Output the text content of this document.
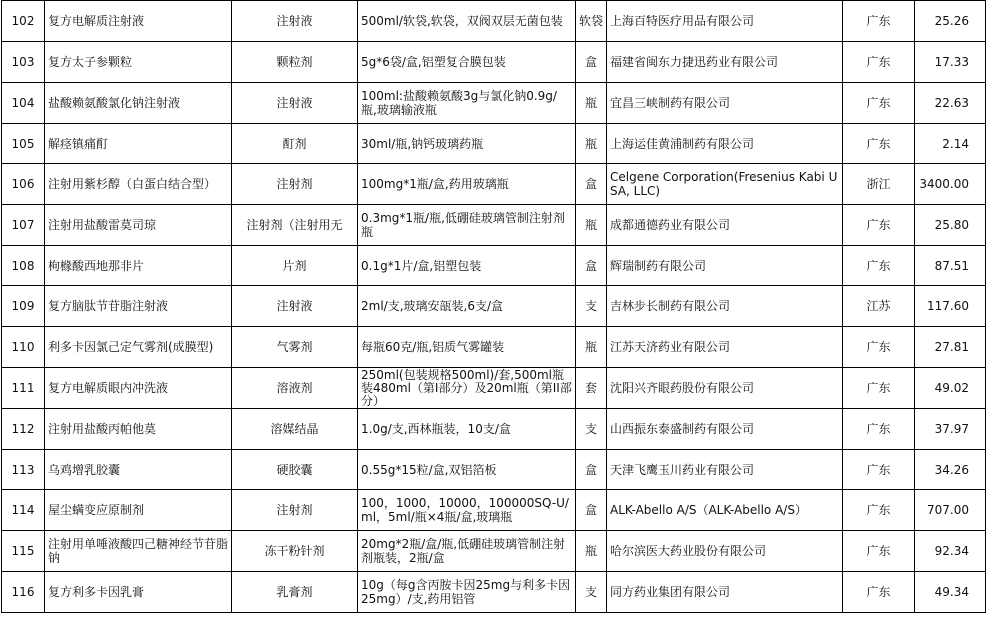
102	复方电解质注射液	注射液	500ml/软袋,软袋，双阀双层无菌包装	软袋	上海百特医疗用品有限公司	广东	25.26
103	复方太子参颗粒	颗粒剂	5g*6袋/盒,铝塑复合膜包装	盒	福建省闽东力捷迅药业有限公司	广东	17.33
104	盐酸赖氨酸氯化钠注射液	注射液	100ml:盐酸赖氨酸3g与氯化钠0.9g/瓶,玻璃输液瓶	瓶	宜昌三峡制药有限公司	广东	22.63
105	解痉镇痛酊	酊剂	30ml/瓶,钠钙玻璃药瓶	瓶	上海运佳黄浦制药有限公司	广东	2.14
106	注射用紫杉醇（白蛋白结合型）	注射剂	100mg*1瓶/盒,药用玻璃瓶	盒	Celgene Corporation(Fresenius Kabi USA, LLC)	浙江	3400.00
107	注射用盐酸雷莫司琼	注射剂（注射用无	0.3mg*1瓶/瓶,低硼硅玻璃管制注射剂瓶	瓶	成都通德药业有限公司	广东	25.80
108	枸橼酸西地那非片	片剂	0.1g*1片/盒,铝塑包装	盒	辉瑞制药有限公司	广东	87.51
109	复方脑肽节苷脂注射液	注射液	2ml/支,玻璃安瓿装,6支/盒	支	吉林步长制药有限公司	江苏	117.60
110	利多卡因氯己定气雾剂(成膜型)	气雾剂	每瓶60克/瓶,铝质气雾罐装	瓶	江苏天济药业有限公司	广东	27.81
111	复方电解质眼内冲洗液	溶液剂	250ml(包装规格500ml)/套,500ml瓶装480ml（第I部分）及20ml瓶（第II部分）	套	沈阳兴齐眼药股份有限公司	广东	49.02
112	注射用盐酸丙帕他莫	溶媒结晶	1.0g/支,西林瓶装，10支/盒	支	山西振东泰盛制药有限公司	广东	37.97
113	乌鸡增乳胶囊	硬胶囊	0.55g*15粒/盒,双铝箔板	盒	天津飞鹰玉川药业有限公司	广东	34.26
114	屋尘螨变应原制剂	注射剂	100，1000，10000，100000SQ-U/ml，5ml/瓶×4瓶/盒,玻璃瓶	盒	ALK-Abello A/S（ALK-Abello A/S）	广东	707.00
115	注射用单唾液酸四己糖神经节苷脂钠	冻干粉针剂	20mg*2瓶/盒/瓶,低硼硅玻璃管制注射剂瓶装，2瓶/盒	瓶	哈尔滨医大药业股份有限公司	广东	92.34
116	复方利多卡因乳膏	乳膏剂	10g（每g含丙胺卡因25mg与利多卡因25mg）/支,药用铝管	支	同方药业集团有限公司	广东	49.34
